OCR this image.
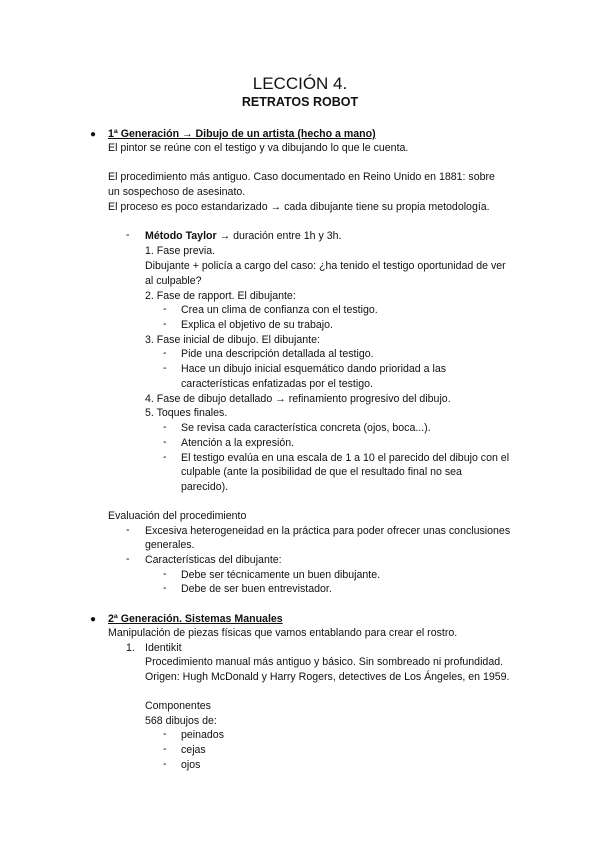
LECCIÓN 4.
RETRATOS ROBOT
● 1ª Generación → Dibujo de un artista (hecho a mano)
El pintor se reúne con el testigo y va dibujando lo que le cuenta.
El procedimiento más antiguo. Caso documentado en Reino Unido en 1881: sobre
un sospechoso de asesinato.
El proceso es poco estandarizado → cada dibujante tiene su propia metodología.
- Método Taylor → duración entre 1h y 3h.
1. Fase previa.
Dibujante + policía a cargo del caso: ¿ha tenido el testigo oportunidad de ver
al culpable?
2. Fase de rapport. El dibujante:
- Crea un clima de confianza con el testigo.
- Explica el objetivo de su trabajo.
3. Fase inicial de dibujo. El dibujante:
- Pide una descripción detallada al testigo.
- Hace un dibujo inicial esquemático dando prioridad a las
características enfatizadas por el testigo.
4. Fase de dibujo detallado → refinamiento progresivo del dibujo.
5. Toques finales.
- Se revisa cada característica concreta (ojos, boca...).
- Atención a la expresión.
- El testigo evalúa en una escala de 1 a 10 el parecido del dibujo con el
culpable (ante la posibilidad de que el resultado final no sea
parecido).
Evaluación del procedimiento
- Excesiva heterogeneidad en la práctica para poder ofrecer unas conclusiones
generales.
- Características del dibujante:
- Debe ser técnicamente un buen dibujante.
- Debe de ser buen entrevistador.
● 2ª Generación. Sistemas Manuales
Manipulación de piezas físicas que vamos entablando para crear el rostro.
1. Identikit
Procedimiento manual más antiguo y básico. Sin sombreado ni profundidad.
Origen: Hugh McDonald y Harry Rogers, detectives de Los Ángeles, en 1959.
Componentes
568 dibujos de:
- peinados
- cejas
- ojos
